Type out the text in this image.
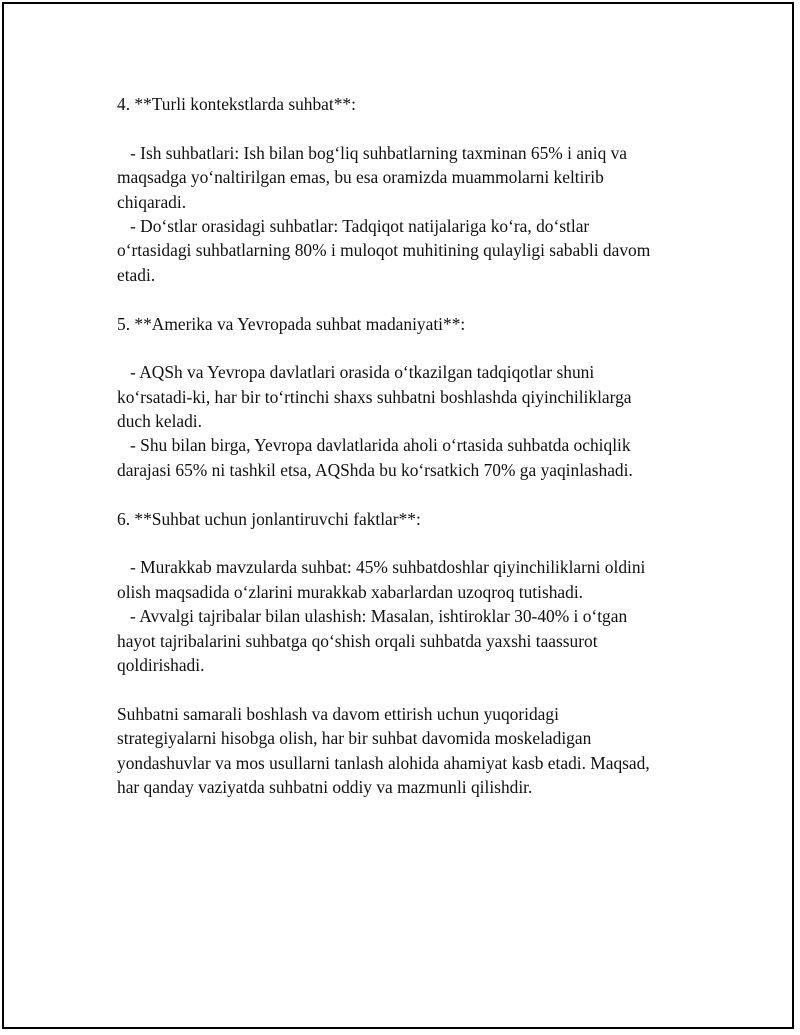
4. **Turli kontekstlarda suhbat**:
- Ish suhbatlari: Ish bilan bog‘liq suhbatlarning taxminan 65% i aniq va
maqsadga yo‘naltirilgan emas, bu esa oramizda muammolarni keltirib
chiqaradi.
- Do‘stlar orasidagi suhbatlar: Tadqiqot natijalariga ko‘ra, do‘stlar
o‘rtasidagi suhbatlarning 80% i muloqot muhitining qulayligi sababli davom
etadi.
5. **Amerika va Yevropada suhbat madaniyati**:
- AQSh va Yevropa davlatlari orasida o‘tkazilgan tadqiqotlar shuni
ko‘rsatadi-ki, har bir to‘rtinchi shaxs suhbatni boshlashda qiyinchiliklarga
duch keladi.
- Shu bilan birga, Yevropa davlatlarida aholi o‘rtasida suhbatda ochiqlik
darajasi 65% ni tashkil etsa, AQShda bu ko‘rsatkich 70% ga yaqinlashadi.
6. **Suhbat uchun jonlantiruvchi faktlar**:
- Murakkab mavzularda suhbat: 45% suhbatdoshlar qiyinchiliklarni oldini
olish maqsadida o‘zlarini murakkab xabarlardan uzoqroq tutishadi.
- Avvalgi tajribalar bilan ulashish: Masalan, ishtiroklar 30-40% i o‘tgan
hayot tajribalarini suhbatga qo‘shish orqali suhbatda yaxshi taassurot
qoldirishadi.
Suhbatni samarali boshlash va davom ettirish uchun yuqoridagi
strategiyalarni hisobga olish, har bir suhbat davomida moskeladigan
yondashuvlar va mos usullarni tanlash alohida ahamiyat kasb etadi. Maqsad,
har qanday vaziyatda suhbatni oddiy va mazmunli qilishdir.
